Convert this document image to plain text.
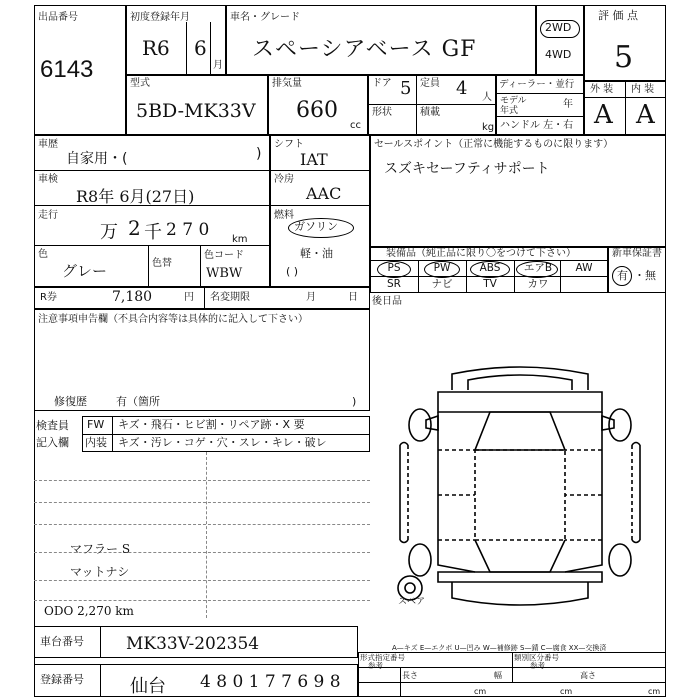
出品番号
6143
初度登録年月
R6 6
月
車名・グレード
スペーシアベース GF
2WD
4WD
評 価 点
5
外 装 内 装
A A
型式
5BD-MK33V
排気量
660
cc
ドア 5 定員 4 人
形状	積載
kg
ディーラー・並行
モデル年式
年
ハンドル 左・右
車歴
自家用・(	)
車検
R8年 6月(27日)
走行
万 2 千 2 7 0 km
色
グレー	色替
色コード
WBW
シフト
IAT
冷房
AAC
燃料
ガソリン
軽・油
( )
R券	7,180	円 名変期限	月	日
注意事項申告欄（不具合内容等は具体的に記入して下さい）
修復歴	有（箇所	)
検査員
記入欄
FW キズ・飛石・ヒビ割・リペア跡・X 要
内装 キズ・汚レ・コゲ・穴・スレ・キレ・破レ
マフラー S
マットナシ
ODO 2,270 km
車台番号 MK33V-202354
登録番号	仙台 4 8 0 1 7 7 6 9 8
セールスポイント（正常に機能するものに限ります）
スズキセーフティサポート
装備品（純正品に限り〇をつけて下さい）	新車保証書
有 ・無
PS	PW	ABS	エアB	AW
SR	ナビ	TV	カワ
後日品
スペア
A—キズ E—エクボ U—凹み W—補修跡 S—錆 C—腐食 XX—交換済
形式指定番号
参考
類別区分番号
参考
長さ
cm
幅
cm
高さ
cm
